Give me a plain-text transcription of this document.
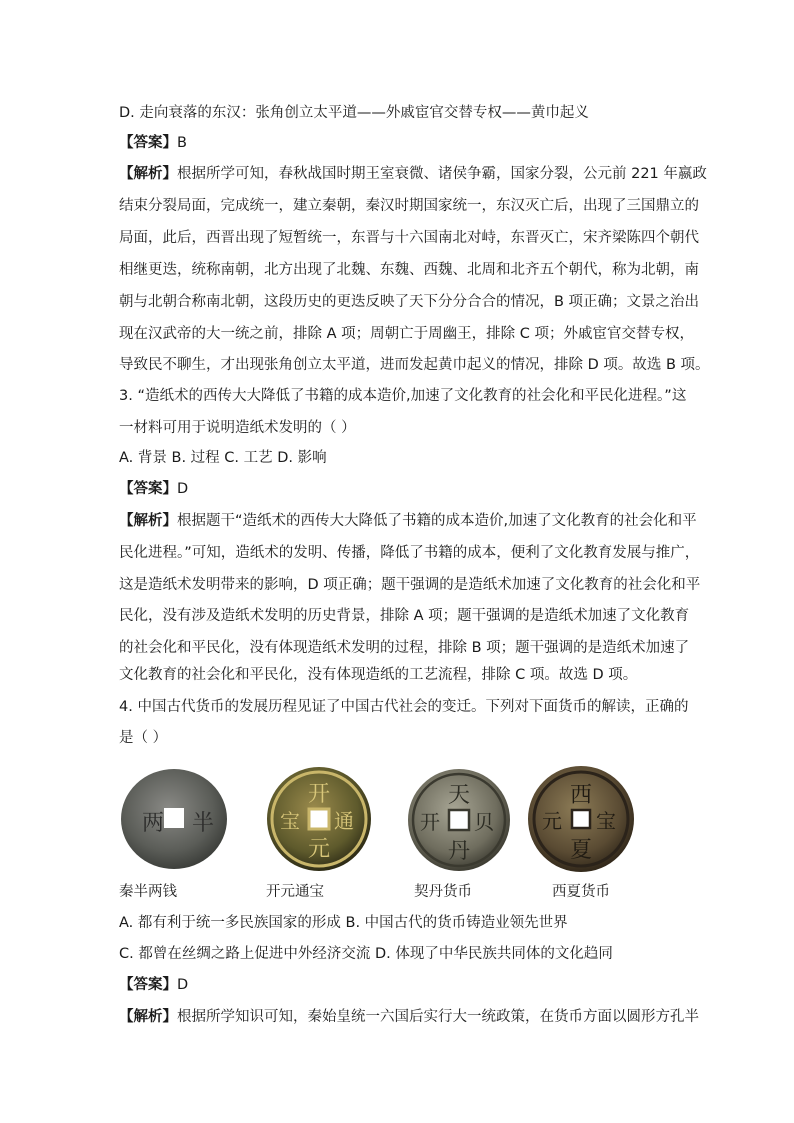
D. 走向衰落的东汉：张角创立太平道——外戚宦官交替专权——黄巾起义
【答案】B
【解析】根据所学可知，春秋战国时期王室衰微、诸侯争霸，国家分裂，公元前 221 年嬴政
结束分裂局面，完成统一，建立秦朝，秦汉时期国家统一，东汉灭亡后，出现了三国鼎立的
局面，此后，西晋出现了短暂统一，东晋与十六国南北对峙，东晋灭亡，宋齐梁陈四个朝代
相继更迭，统称南朝，北方出现了北魏、东魏、西魏、北周和北齐五个朝代，称为北朝，南
朝与北朝合称南北朝，这段历史的更迭反映了天下分分合合的情况，B 项正确；文景之治出
现在汉武帝的大一统之前，排除 A 项；周朝亡于周幽王，排除 C 项；外戚宦官交替专权，
导致民不聊生，才出现张角创立太平道，进而发起黄巾起义的情况，排除 D 项。故选 B 项。
3. “造纸术的西传大大降低了书籍的成本造价,加速了文化教育的社会化和平民化进程。”这
一材料可用于说明造纸术发明的（ ）
A. 背景 B. 过程 C. 工艺 D. 影响
【答案】D
【解析】根据题干“造纸术的西传大大降低了书籍的成本造价,加速了文化教育的社会化和平
民化进程。”可知，造纸术的发明、传播，降低了书籍的成本，便利了文化教育发展与推广，
这是造纸术发明带来的影响，D 项正确；题干强调的是造纸术加速了文化教育的社会化和平
民化，没有涉及造纸术发明的历史背景，排除 A 项；题干强调的是造纸术加速了文化教育
的社会化和平民化，没有体现造纸术发明的过程，排除 B 项；题干强调的是造纸术加速了
文化教育的社会化和平民化，没有体现造纸的工艺流程，排除 C 项。故选 D 项。
4. 中国古代货币的发展历程见证了中国古代社会的变迁。下列对下面货币的解读，正确的
是（ ）
两 半
开
元
通
宝
天
丹
开 贝
西
夏
元 宝
秦半两钱	开元通宝	契丹货币	西夏货币
A. 都有利于统一多民族国家的形成 B. 中国古代的货币铸造业领先世界
C. 都曾在丝绸之路上促进中外经济交流 D. 体现了中华民族共同体的文化趋同
【答案】D
【解析】根据所学知识可知，秦始皇统一六国后实行大一统政策，在货币方面以圆形方孔半
